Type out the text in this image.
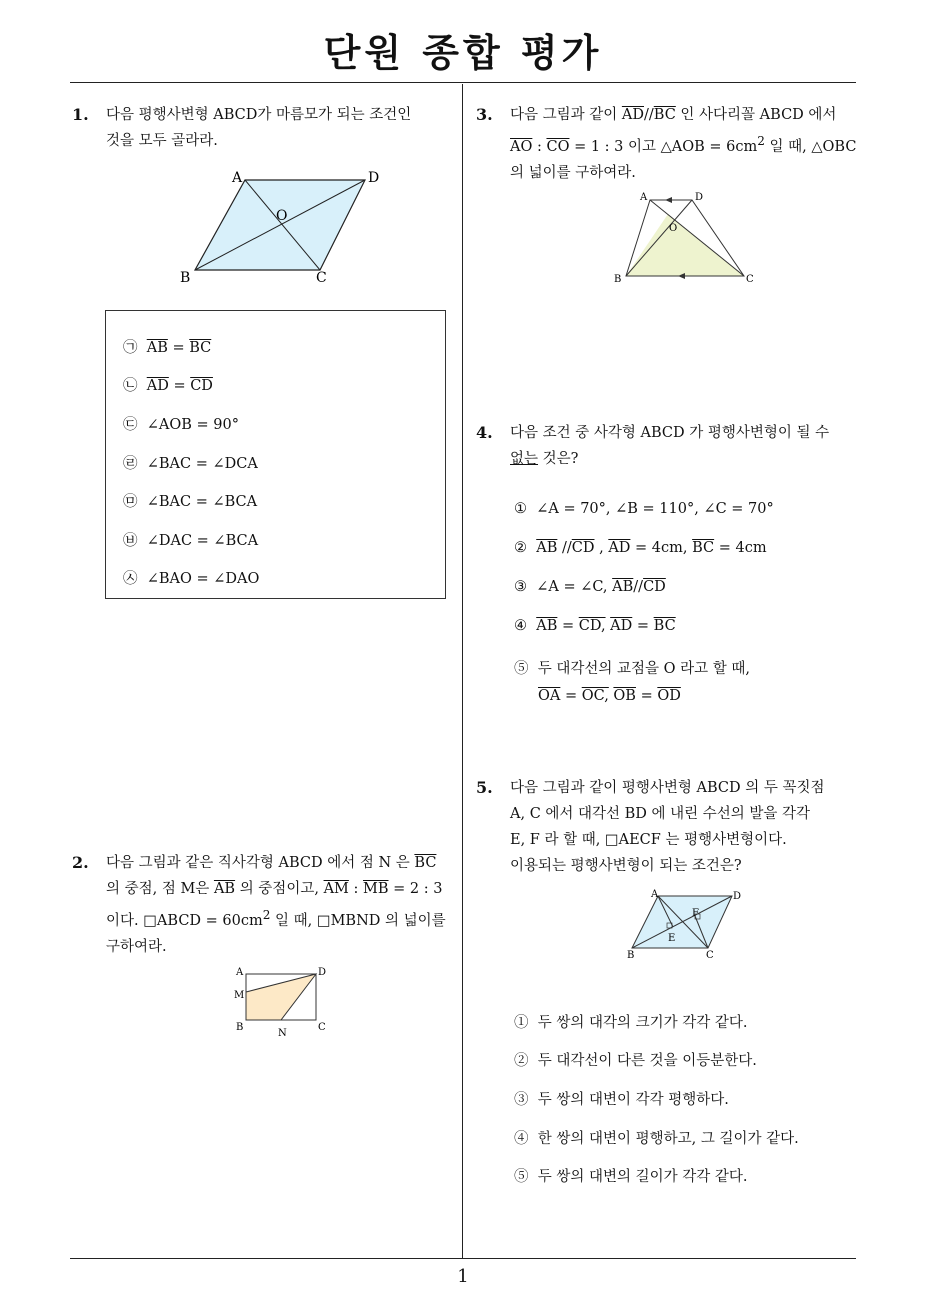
단원 종합 평가
1
1. 다음 평행사변형 ABCD가 마름모가 되는 조건인
것을 모두 골라라.
A	D
B	C
O
㉠ $\overline{AB} = \overline{BC}$
㉡ $\overline{AD} = \overline{CD}$
㉢ ∠AOB = 90°
㉣ ∠BAC = ∠DCA
㉤ ∠BAC = ∠BCA
㉥ ∠DAC = ∠BCA
㉦ ∠BAO = ∠DAO
2. 다음 그림과 같은 직사각형 ABCD 에서 점 N 은 $\overline{BC}$
의 중점, 점 M은 $\overline{AB}$ 의 중점이고, $\overline{AM}$ : $\overline{MB} = 2$ : 3
이다. □ABCD = $60cm^2$ 일 때, □MBND 의 넓이를
구하여라.
A	D
M
B	C
N
3. 다음 그림과 같이 $\overline{AD}//\overline{BC}$ 인 사다리꼴 ABCD 에서
$\overline{AO}$ : $\overline{CO} = 1$ : 3 이고 △AOB = $6cm^2$ 일 때, △OBC
의 넓이를 구하여라.
A	D
B	C
O
4. 다음 조건 중 사각형 ABCD 가 평행사변형이 될 수
없는 것은?
① ∠A = 70°, ∠B = 110°, ∠C = 70°
② $\overline{AB}$ $//\overline{CD}$ , $\overline{AD} = 4cm$, $\overline{BC} = 4cm$
③ ∠A = ∠C, $\overline{AB}//\overline{CD}$
④ $\overline{AB}$ = CD, $\overline{AD} = \overline{BC}$
⑤ 두 대각선의 교점을 O 라고 할 때,
$\overline{OA}$ = OC, $\overline{OB} = \overline{OD}$
5. 다음 그림과 같이 평행사변형 ABCD 의 두 꼭짓점
A, C 에서 대각선 BD 에 내린 수선의 발을 각각
E, F 라 할 때, □AECF 는 평행사변형이다.
이용되는 평행사변형이 되는 조건은?
A	D
B	C
E
F
① 두 쌍의 대각의 크기가 각각 같다.
② 두 대각선이 다른 것을 이등분한다.
③ 두 쌍의 대변이 각각 평행하다.
④ 한 쌍의 대변이 평행하고, 그 길이가 같다.
⑤ 두 쌍의 대변의 길이가 각각 같다.
